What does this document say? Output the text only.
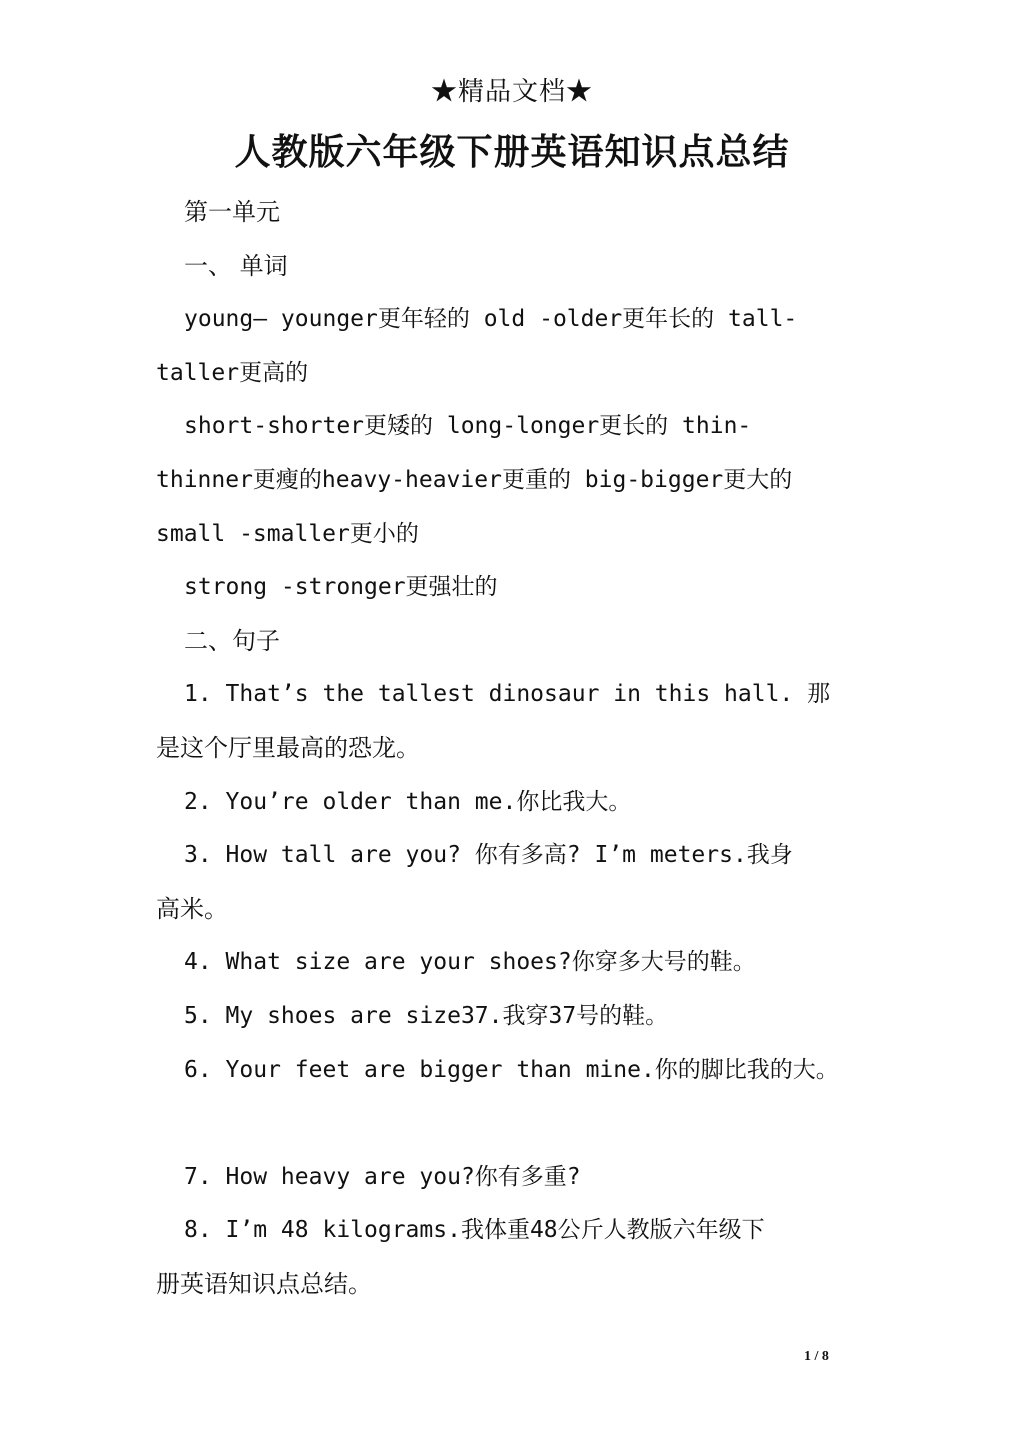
★精品文档★
人教版六年级下册英语知识点总结

第一单元

一、 单词

young— younger更年轻的 old -older更年长的 tall-

taller更高的

short-shorter更矮的 long-longer更长的 thin-

thinner更瘦的heavy-heavier更重的 big-bigger更大的

small -smaller更小的

strong -stronger更强壮的

二、句子

1. That’s the tallest dinosaur in this hall. 那

是这个厅里最高的恐龙。

2. You’re older than me.你比我大。

3. How tall are you? 你有多高? I’m meters.我身

高米。

4. What size are your shoes?你穿多大号的鞋。

5. My shoes are size37.我穿37号的鞋。

6. Your feet are bigger than mine.你的脚比我的大。

7. How heavy are you?你有多重?

8. I’m 48 kilograms.我体重48公斤人教版六年级下

册英语知识点总结。

1 / 8
